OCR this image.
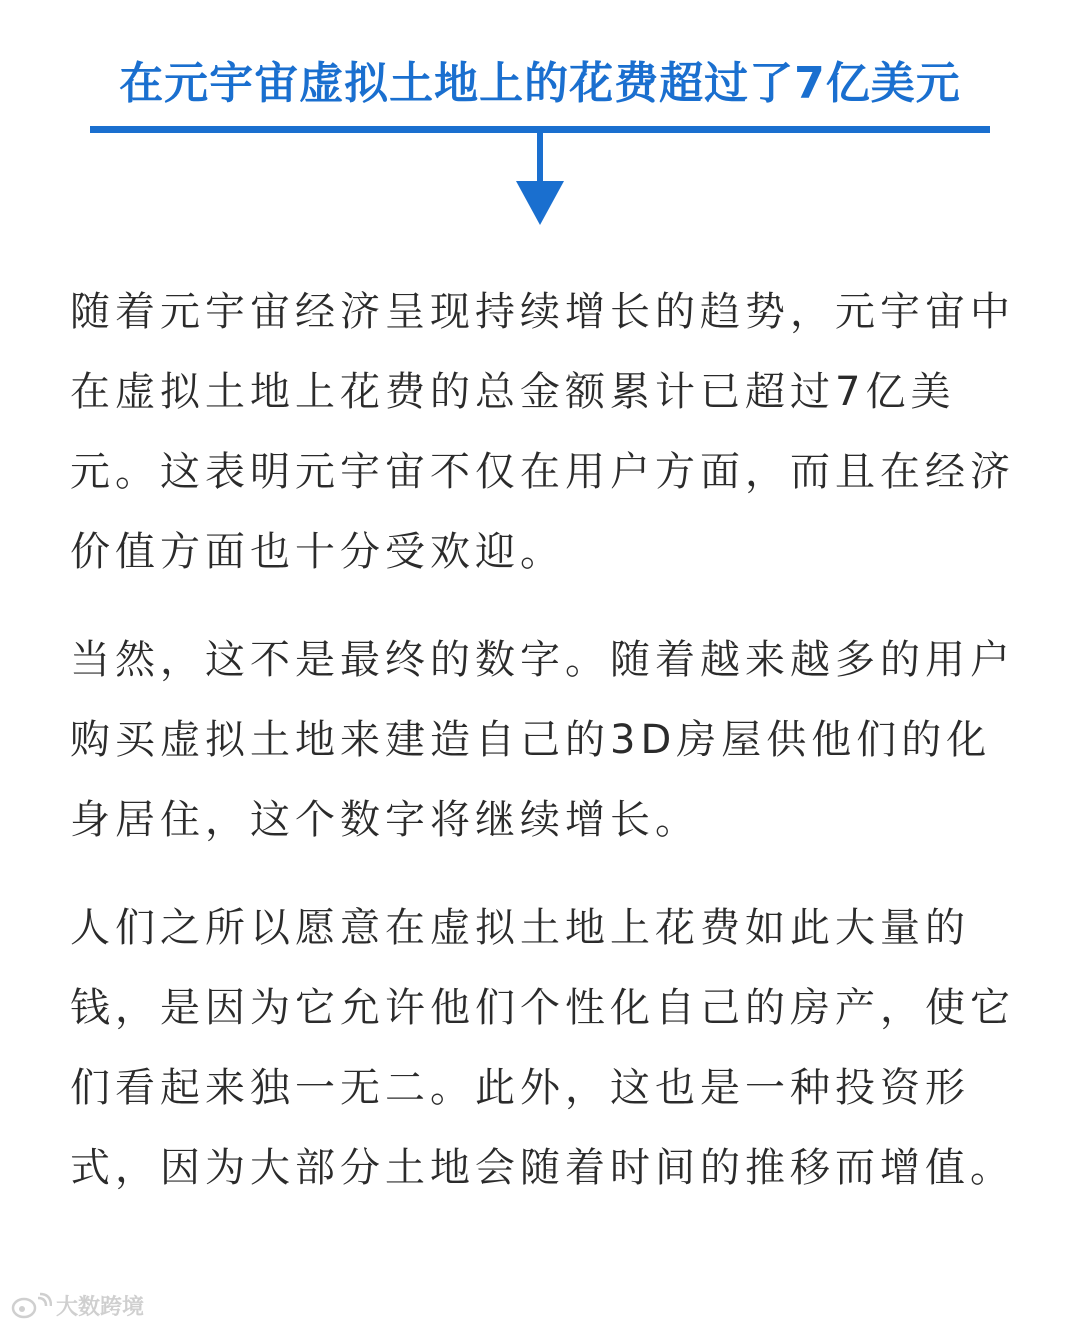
在元宇宙虚拟土地上的花费超过了7亿美元

随着元宇宙经济呈现持续增长的趋势，元宇宙中在虚拟土地上花费的总金额累计已超过7亿美元。这表明元宇宙不仅在用户方面，而且在经济价值方面也十分受欢迎。

当然，这不是最终的数字。随着越来越多的用户购买虚拟土地来建造自己的3D房屋供他们的化身居住，这个数字将继续增长。

人们之所以愿意在虚拟土地上花费如此大量的钱，是因为它允许他们个性化自己的房产，使它们看起来独一无二。此外，这也是一种投资形式，因为大部分土地会随着时间的推移而增值。

大数跨境
